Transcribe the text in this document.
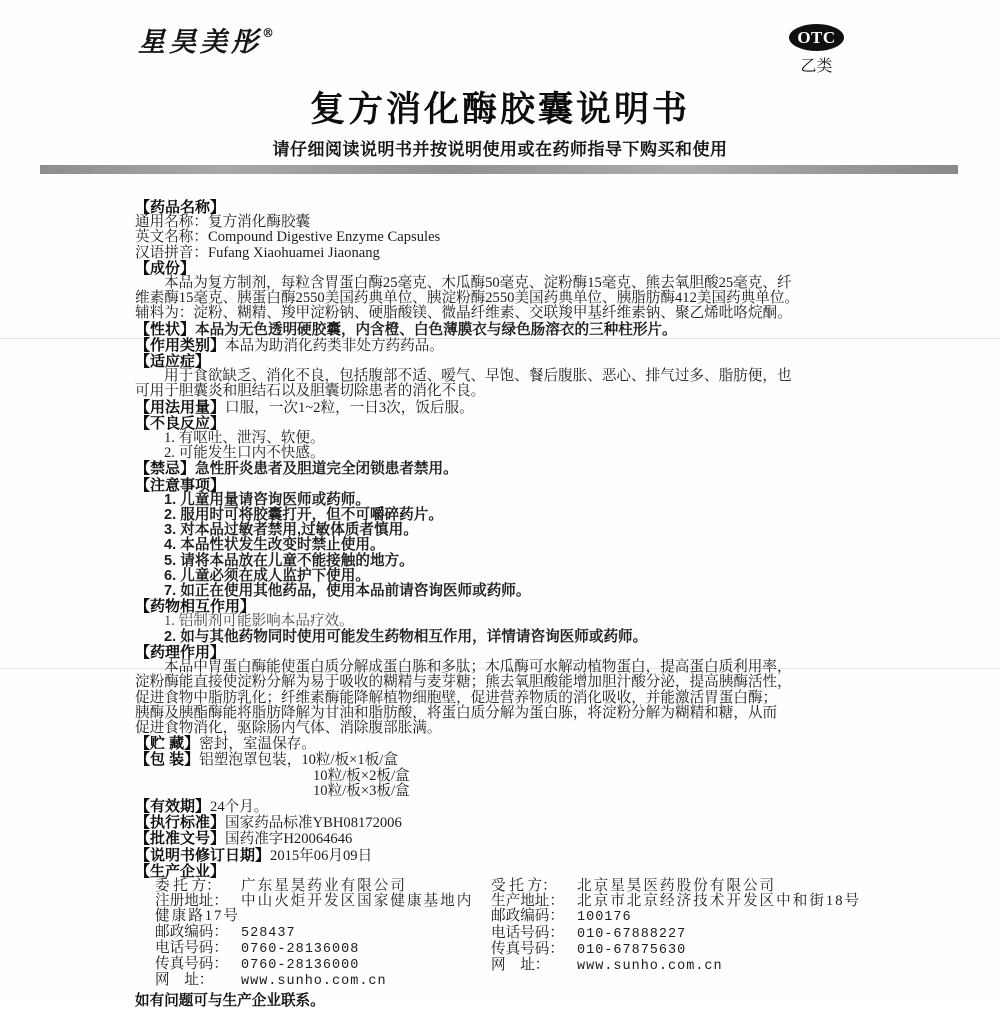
星昊美彤®	OTC
乙类
复方消化酶胶囊说明书
请仔细阅读说明书并按说明使用或在药师指导下购买和使用
【药品名称】
通用名称：复方消化酶胶囊
英文名称：Compound Digestive Enzyme Capsules
汉语拼音：Fufang Xiaohuamei Jiaonang
【成份】
本品为复方制剂，每粒含胃蛋白酶25毫克、木瓜酶50毫克、淀粉酶15毫克、熊去氧胆酸25毫克、纤
维素酶15毫克、胰蛋白酶2550美国药典单位、胰淀粉酶2550美国药典单位、胰脂肪酶412美国药典单位。
辅料为：淀粉、糊精、羧甲淀粉钠、硬脂酸镁、微晶纤维素、交联羧甲基纤维素钠、聚乙烯吡咯烷酮。
【性状】本品为无色透明硬胶囊，内含橙、白色薄膜衣与绿色肠溶衣的三种柱形片。
【作用类别】本品为助消化药类非处方药药品。
【适应症】
用于食欲缺乏、消化不良，包括腹部不适、嗳气、早饱、餐后腹胀、恶心、排气过多、脂肪便，也
可用于胆囊炎和胆结石以及胆囊切除患者的消化不良。
【用法用量】口服，一次1~2粒，一日3次，饭后服。
【不良反应】
1. 有呕吐、泄泻、软便。
2. 可能发生口内不快感。
【禁忌】急性肝炎患者及胆道完全闭锁患者禁用。
【注意事项】
1. 儿童用量请咨询医师或药师。
2. 服用时可将胶囊打开，但不可嚼碎药片。
3. 对本品过敏者禁用,过敏体质者慎用。
4. 本品性状发生改变时禁止使用。
5. 请将本品放在儿童不能接触的地方。
6. 儿童必须在成人监护下使用。
7. 如正在使用其他药品，使用本品前请咨询医师或药师。
【药物相互作用】
1. 铝制剂可能影响本品疗效。
2. 如与其他药物同时使用可能发生药物相互作用，详情请咨询医师或药师。
【药理作用】
本品中胃蛋白酶能使蛋白质分解成蛋白胨和多肽；木瓜酶可水解动植物蛋白，提高蛋白质利用率，
淀粉酶能直接使淀粉分解为易于吸收的糊精与麦芽糖；熊去氧胆酸能增加胆汁酸分泌，提高胰酶活性，
促进食物中脂肪乳化；纤维素酶能降解植物细胞壁，促进营养物质的消化吸收，并能激活胃蛋白酶；
胰酶及胰酯酶能将脂肪降解为甘油和脂肪酸，将蛋白质分解为蛋白胨，将淀粉分解为糊精和糖，从而
促进食物消化，驱除肠内气体、消除腹部胀满。
【贮 藏】密封，室温保存。
【包 装】铝塑泡罩包装，10粒/板×1板/盒
10粒/板×2板/盒
10粒/板×3板/盒
【有效期】24个月。
【执行标准】国家药品标准YBH08172006
【批准文号】国药准字H20064646
【说明书修订日期】2015年06月09日
【生产企业】
委 托 方： 广东星昊药业有限公司
注册地址： 中山火炬开发区国家健康基地内
健康路17号
邮政编码： 528437
电话号码： 0760-28136008
传真号码： 0760-28136000
网    址： www.sunho.com.cn
受 托 方： 北京星昊医药股份有限公司
生产地址： 北京市北京经济技术开发区中和街18号
邮政编码： 100176
电话号码： 010-67888227
传真号码： 010-67875630
网    址： www.sunho.com.cn
如有问题可与生产企业联系。
